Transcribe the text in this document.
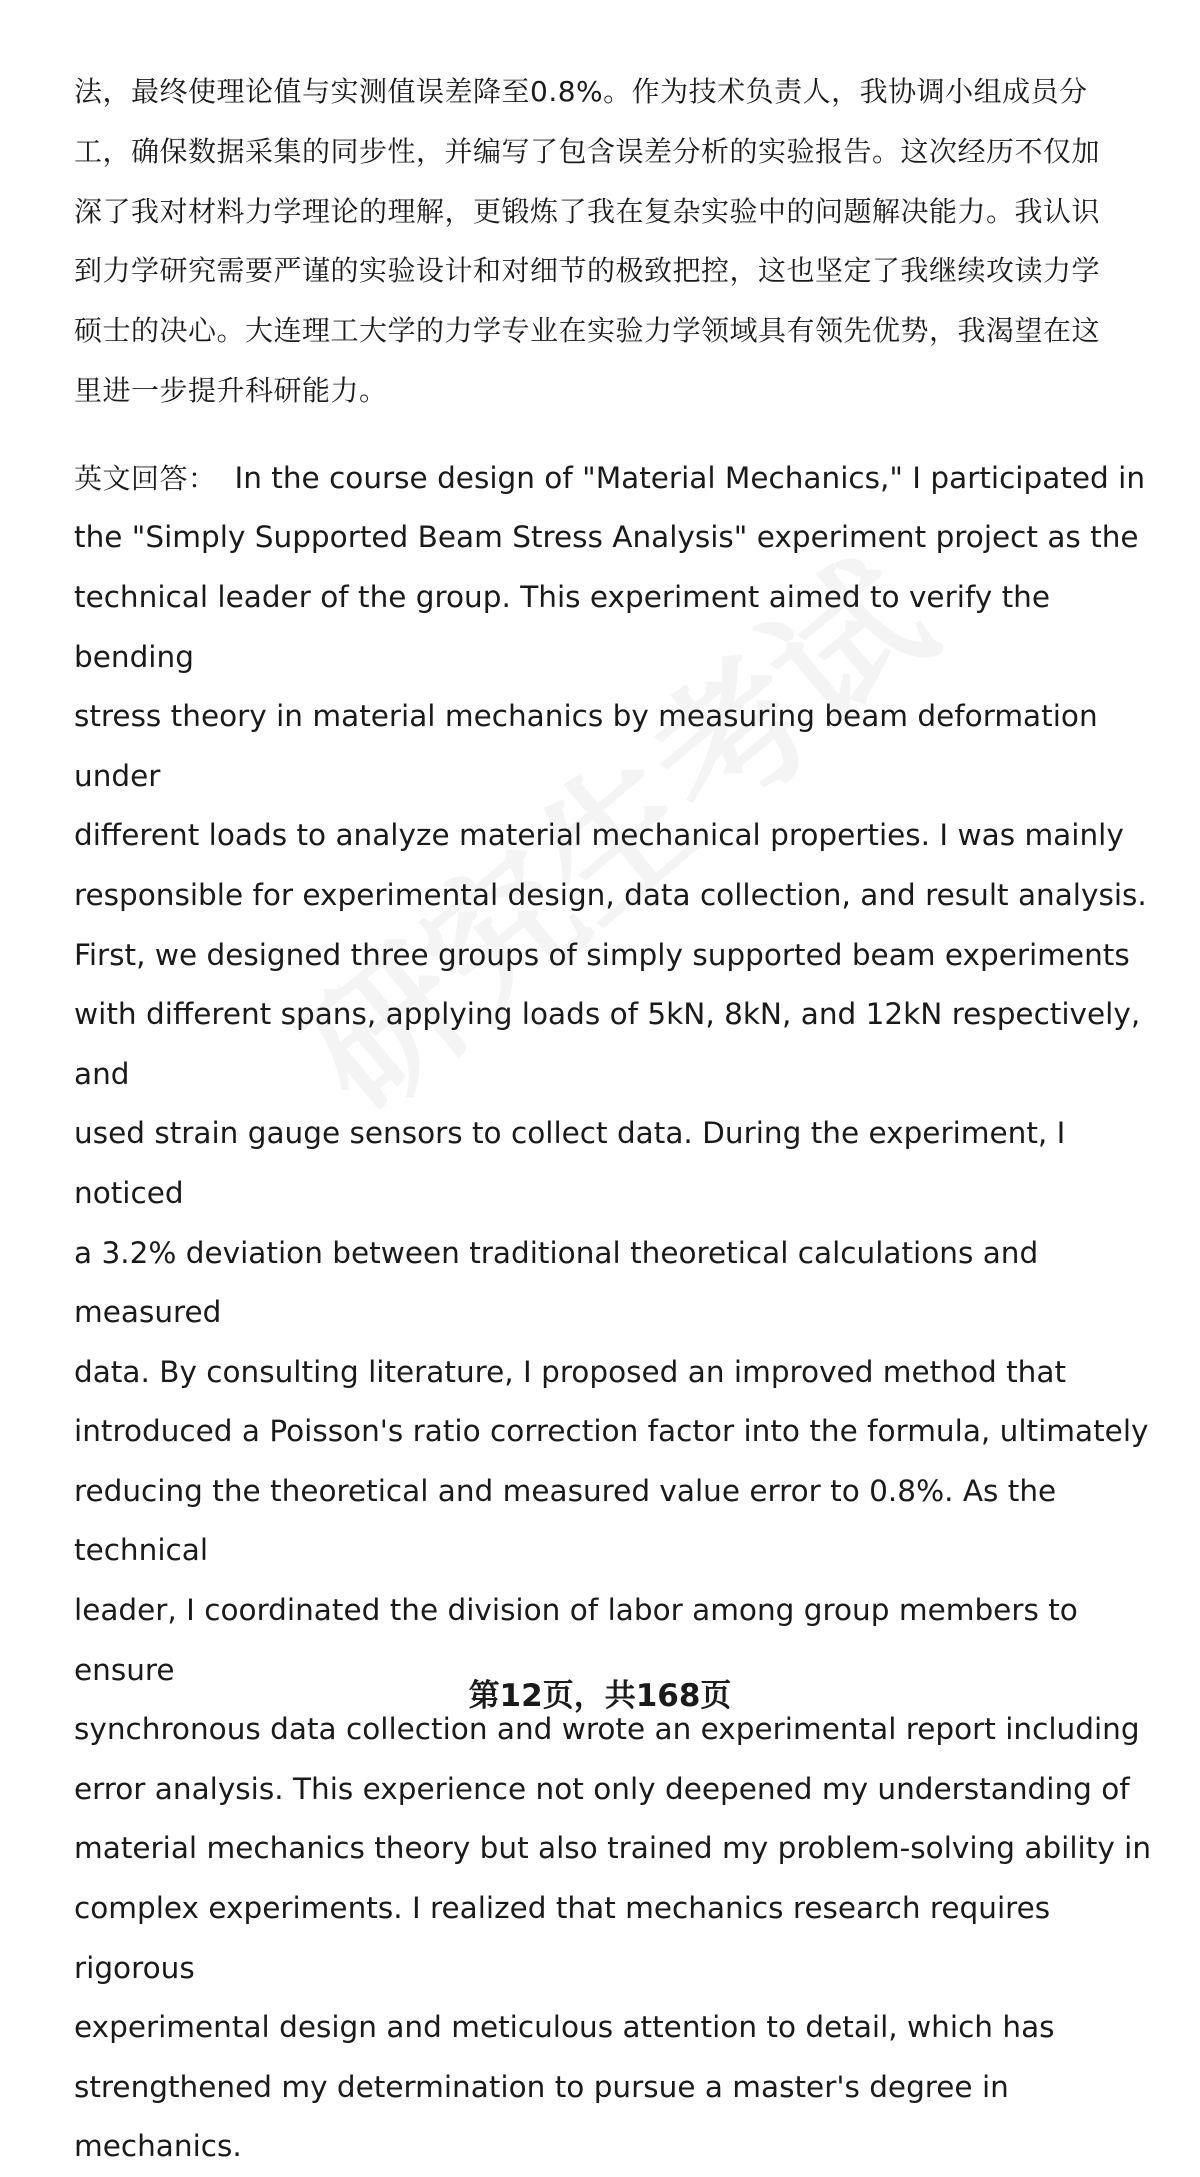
法，最终使理论值与实测值误差降至0.8%。作为技术负责人，我协调小组成员分
工，确保数据采集的同步性，并编写了包含误差分析的实验报告。这次经历不仅加
深了我对材料力学理论的理解，更锻炼了我在复杂实验中的问题解决能力。我认识
到力学研究需要严谨的实验设计和对细节的极致把控，这也坚定了我继续攻读力学
硕士的决心。大连理工大学的力学专业在实验力学领域具有领先优势，我渴望在这
里进一步提升科研能力。

英文回答： In the course design of "Material Mechanics," I participated in
the "Simply Supported Beam Stress Analysis" experiment project as the
technical leader of the group. This experiment aimed to verify the bending
stress theory in material mechanics by measuring beam deformation under
different loads to analyze material mechanical properties. I was mainly
responsible for experimental design, data collection, and result analysis.
First, we designed three groups of simply supported beam experiments
with different spans, applying loads of 5kN, 8kN, and 12kN respectively, and
used strain gauge sensors to collect data. During the experiment, I noticed
a 3.2% deviation between traditional theoretical calculations and measured
data. By consulting literature, I proposed an improved method that
introduced a Poisson's ratio correction factor into the formula, ultimately
reducing the theoretical and measured value error to 0.8%. As the technical
leader, I coordinated the division of labor among group members to ensure
synchronous data collection and wrote an experimental report including
error analysis. This experience not only deepened my understanding of
material mechanics theory but also trained my problem-solving ability in
complex experiments. I realized that mechanics research requires rigorous
experimental design and meticulous attention to detail, which has
strengthened my determination to pursue a master's degree in mechanics.

第12页，共168页
